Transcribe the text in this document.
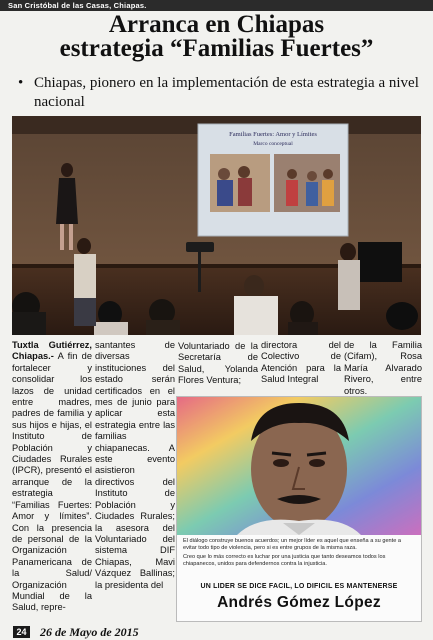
San Cristóbal de las Casas, Chiapas.
Arranca en Chiapas
estrategia “Familias Fuertes”
• Chiapas, pionero en la implementación de esta estrategia a nivel nacional
Familias Fuertes: Amor y Límites
Marco conceptual
Tuxtla Gutiérrez, Chiapas.- A fin de fortalecer y consolidar los lazos de unidad entre madres, padres de familia y sus hijos e hijas, el Instituto de Población y Ciudades Rurales (IPCR), presentó el arranque de la estrategia “Familias Fuertes: Amor y límites”. Con la presencia de personal de la Organización Panamericana de la Salud/ Organización Mundial de la Salud, repre-
santantes de diversas instituciones del estado serán certificados en el mes de junio para aplicar esta estrategia entre las familias chiapanecas. A este evento asistieron directivos del Instituto de Población y Ciudades Rurales; la asesora del Voluntariado del sistema DIF Chiapas, Mavi Vázquez Ballinas; la presidenta del
Voluntariado de la Secretaría de Salud, Yolanda Flores Ventura;
directora del Colectivo de Atención para la Salud Integral
de la Familia (Cifam), Rosa María Alvarado Rivero, entre otros.

El diálogo construye buenos acuerdos; un mejor líder es aquel que enseña a su gente a evitar todo tipo de violencia, pero si es entre grupos de la misma raza.

Creo que lo más correcto es luchar por una justicia que tanto deseamos todos los chiapanecos, unidos para defendernos contra la injusticia.

UN LIDER SE DICE FACIL, LO DIFICIL ES MANTENERSE
Andrés Gómez López
24 26 de Mayo de 2015
